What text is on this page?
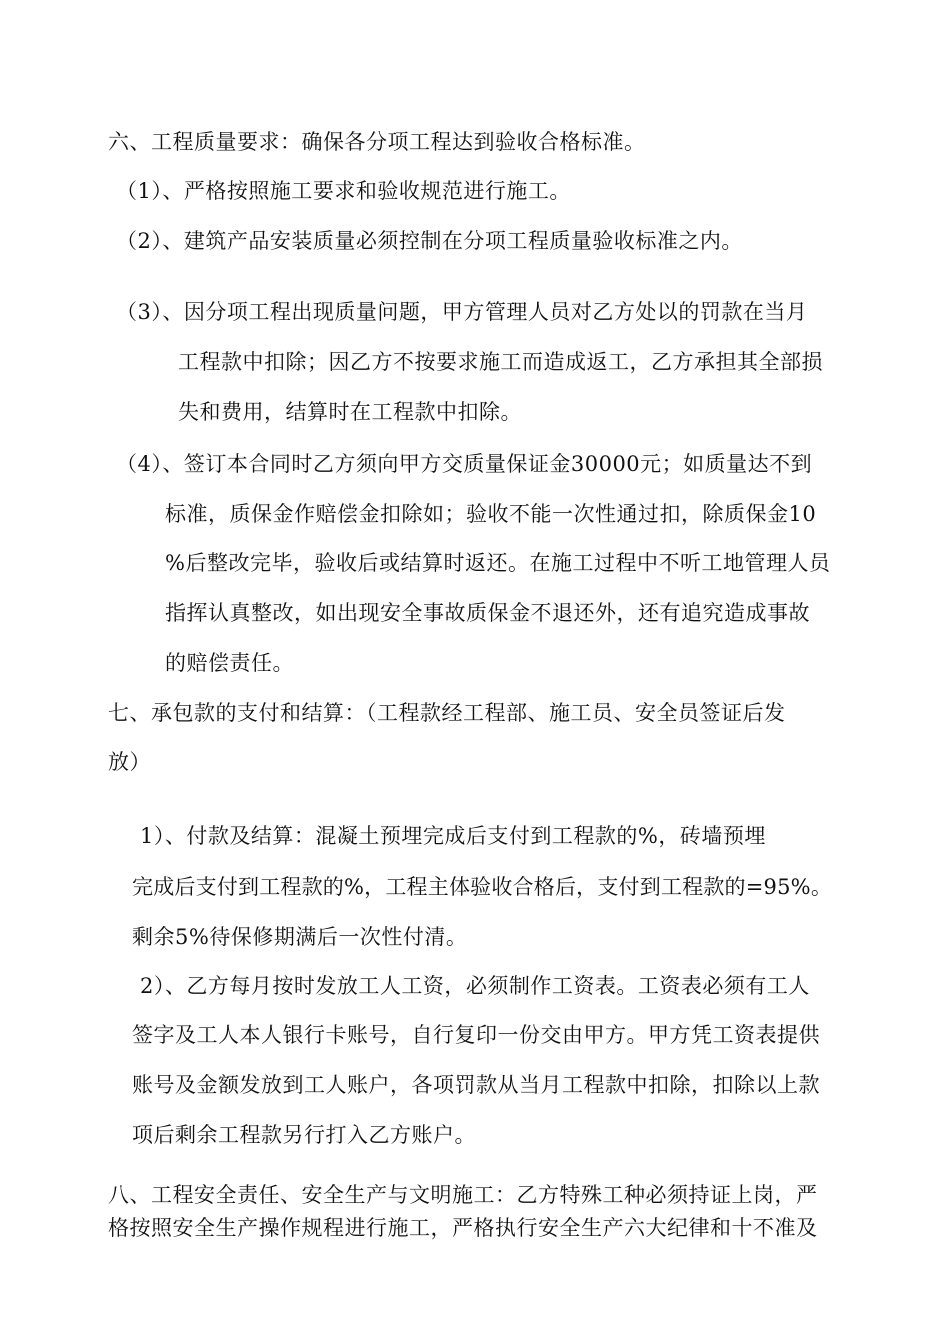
六、工程质量要求：确保各分项工程达到验收合格标准。
（1）、严格按照施工要求和验收规范进行施工。
（2）、建筑产品安装质量必须控制在分项工程质量验收标准之内。
（3）、因分项工程出现质量问题，甲方管理人员对乙方处以的罚款在当月
工程款中扣除；因乙方不按要求施工而造成返工，乙方承担其全部损
失和费用，结算时在工程款中扣除。
（4）、签订本合同时乙方须向甲方交质量保证金30000元；如质量达不到
标准，质保金作赔偿金扣除如；验收不能一次性通过扣，除质保金10
%后整改完毕，验收后或结算时返还。在施工过程中不听工地管理人员
指挥认真整改，如出现安全事故质保金不退还外，还有追究造成事故
的赔偿责任。
七、承包款的支付和结算：（工程款经工程部、施工员、安全员签证后发
放）
1）、付款及结算：混凝土预埋完成后支付到工程款的%，砖墙预埋
完成后支付到工程款的%，工程主体验收合格后，支付到工程款的=95%。
剩余5%待保修期满后一次性付清。
2）、乙方每月按时发放工人工资，必须制作工资表。工资表必须有工人
签字及工人本人银行卡账号，自行复印一份交由甲方。甲方凭工资表提供
账号及金额发放到工人账户，各项罚款从当月工程款中扣除，扣除以上款
项后剩余工程款另行打入乙方账户。
八、工程安全责任、安全生产与文明施工：乙方特殊工种必须持证上岗，严
格按照安全生产操作规程进行施工，严格执行安全生产六大纪律和十不准及
